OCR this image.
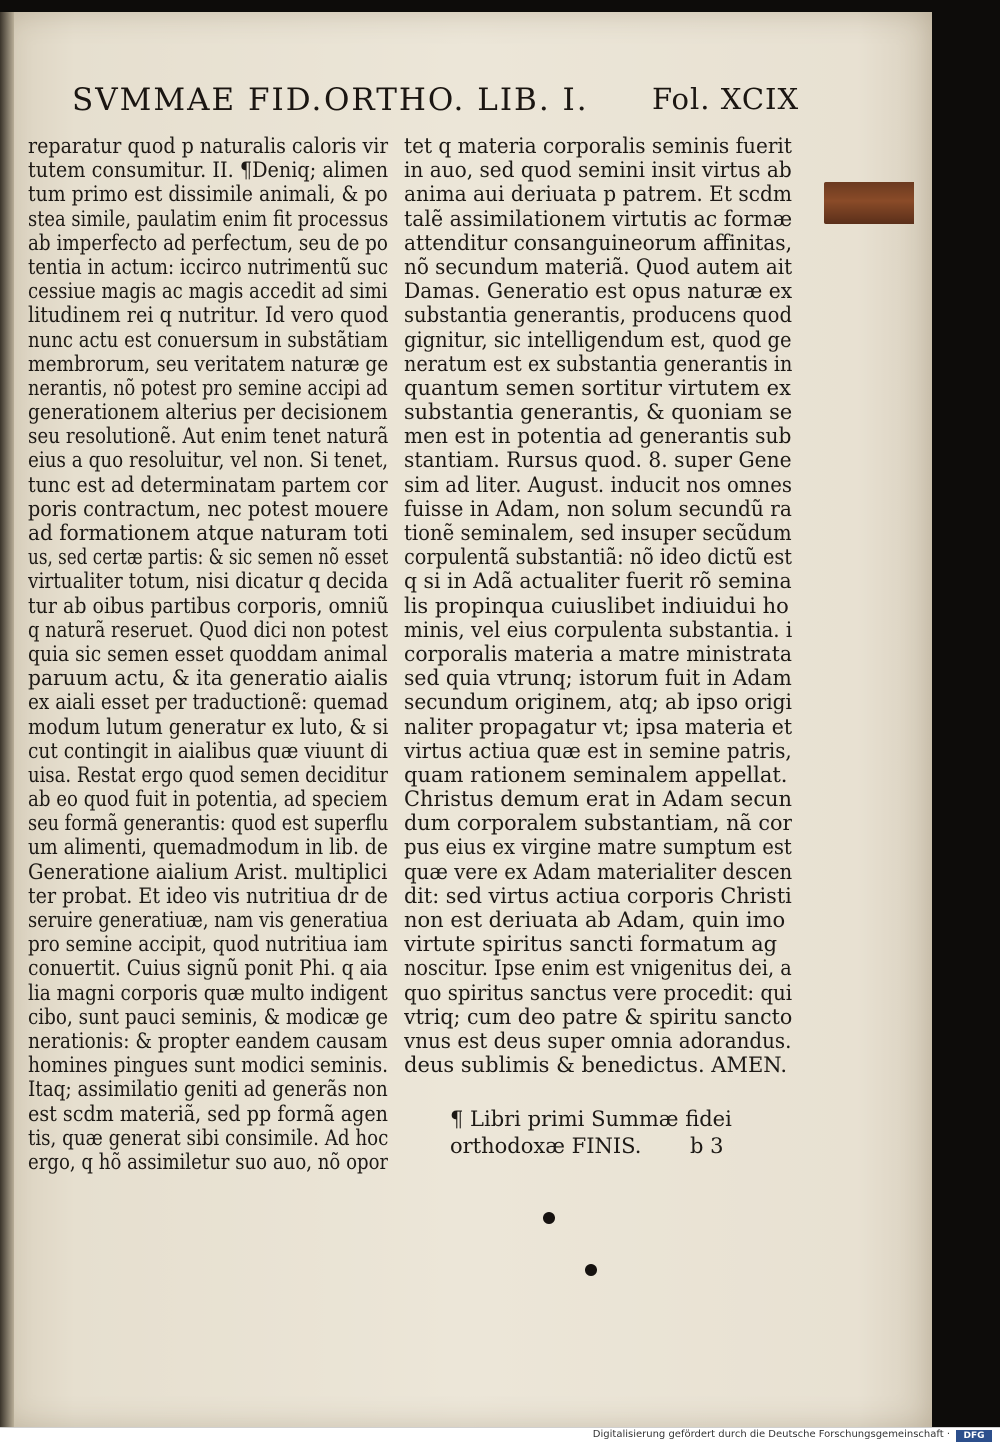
SVMMAE FID. ORTHO. LIB. I. Fol. XCIX
reparatur quod p naturalis caloris vir
tutem consumitur. II. ¶Deniq; alimen
tum primo est dissimile animali, & po
stea simile, paulatim enim fit processus
ab imperfecto ad perfectum, seu de po
tentia in actum: iccirco nutrimentũ suc
cessiue magis ac magis accedit ad simi
litudinem rei q nutritur. Id vero quod
nunc actu est conuersum in substãtiam
membrorum, seu veritatem naturæ ge
nerantis, nõ potest pro semine accipi ad
generationem alterius per decisionem
seu resolutionẽ. Aut enim tenet naturã
eius a quo resoluitur, vel non. Si tenet,
tunc est ad determinatam partem cor
poris contractum, nec potest mouere
ad formationem atque naturam toti
us, sed certæ partis: & sic semen nõ esset
virtualiter totum, nisi dicatur q decida
tur ab oibus partibus corporis, omniũ
q naturã reseruet. Quod dici non potest
quia sic semen esset quoddam animal
paruum actu, & ita generatio aialis
ex aiali esset per traductionẽ: quemad
modum lutum generatur ex luto, & si
cut contingit in aialibus quæ viuunt di
uisa. Restat ergo quod semen deciditur
ab eo quod fuit in potentia, ad speciem
seu formã generantis: quod est superflu
um alimenti, quemadmodum in lib. de
Generatione aialium Arist. multiplici
ter probat. Et ideo vis nutritiua dr de
seruire generatiuæ, nam vis generatiua
pro semine accipit, quod nutritiua iam
conuertit. Cuius signũ ponit Phi. q aia
lia magni corporis quæ multo indigent
cibo, sunt pauci seminis, & modicæ ge
nerationis: & propter eandem causam
homines pingues sunt modici seminis.
Itaq; assimilatio geniti ad generãs non
est scdm materiã, sed pp formã agen
tis, quæ generat sibi consimile. Ad hoc
ergo, q hõ assimiletur suo auo, nõ opor
tet q materia corporalis seminis fuerit
in auo, sed quod semini insit virtus ab
anima aui deriuata p patrem. Et scdm
talẽ assimilationem virtutis ac formæ
attenditur consanguineorum affinitas,
nõ secundum materiã. Quod autem ait
Damas. Generatio est opus naturæ ex
substantia generantis, producens quod
gignitur, sic intelligendum est, quod ge
neratum est ex substantia generantis in
quantum semen sortitur virtutem ex
substantia generantis, & quoniam se
men est in potentia ad generantis sub
stantiam. Rursus quod. 8. super Gene
sim ad liter. August. inducit nos omnes
fuisse in Adam, non solum secundũ ra
tionẽ seminalem, sed insuper secũdum
corpulentã substantiã: nõ ideo dictũ est
q si in Adã actualiter fuerit rõ semina
lis propinqua cuiuslibet indiuidui ho
minis, vel eius corpulenta substantia. i
corporalis materia a matre ministrata
sed quia vtrunq; istorum fuit in Adam
secundum originem, atq; ab ipso origi
naliter propagatur vt; ipsa materia et
virtus actiua quæ est in semine patris,
quam rationem seminalem appellat.
Christus demum erat in Adam secun
dum corporalem substantiam, nã cor
pus eius ex virgine matre sumptum est
quæ vere ex Adam materialiter descen
dit: sed virtus actiua corporis Christi
non est deriuata ab Adam, quin imo
virtute spiritus sancti formatum ag
noscitur. Ipse enim est vnigenitus dei, a
quo spiritus sanctus vere procedit: qui
vtriq; cum deo patre & spiritu sancto
vnus est deus super omnia adorandus.
deus sublimis & benedictus. AMEN.
¶ Libri primi Summæ fidei
orthodoxæ FINIS.	b 3
Digitalisierung gefördert durch die Deutsche Forschungsgemeinschaft ·	DFG
